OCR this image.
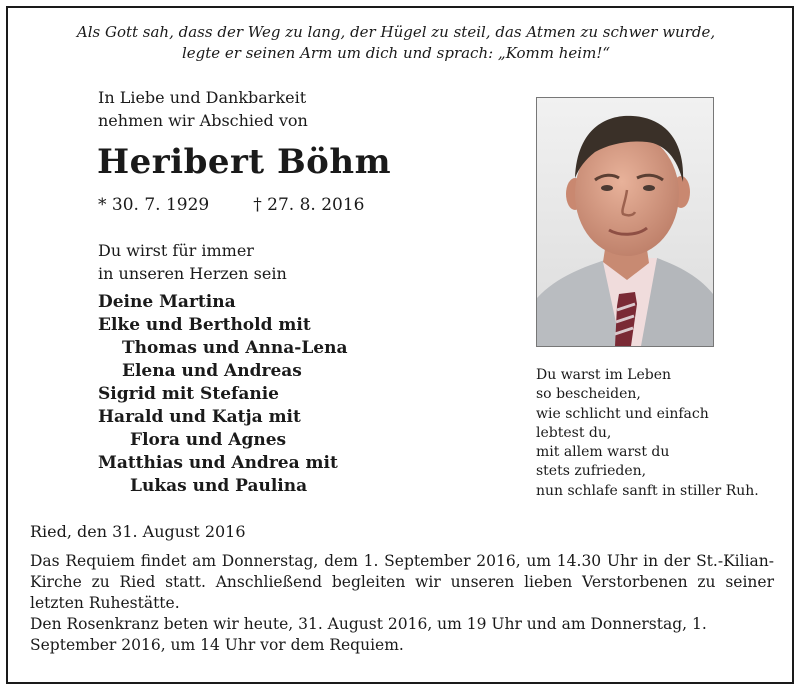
Als Gott sah, dass der Weg zu lang, der Hügel zu steil, das Atmen zu schwer wurde,
legte er seinen Arm um dich und sprach: „Komm heim!“
In Liebe und Dankbarkeit
nehmen wir Abschied von
Heribert Böhm
* 30. 7. 1929	† 27. 8. 2016
Du wirst für immer
in unseren Herzen sein
Deine Martina
Elke und Berthold mit
Thomas und Anna-Lena
Elena und Andreas
Sigrid mit Stefanie
Harald und Katja mit
Flora und Agnes
Matthias und Andrea mit
Lukas und Paulina
Du warst im Leben
so bescheiden,
wie schlicht und einfach
lebtest du,
mit allem warst du
stets zufrieden,
nun schlafe sanft in stiller Ruh.
Ried, den 31. August 2016

Das Requiem findet am Donnerstag, dem 1. September 2016, um 14.30 Uhr in der St.-Kilian-Kirche zu Ried statt. Anschließend begleiten wir unseren lieben Verstorbenen zu seiner letzten Ruhestätte.

Den Rosenkranz beten wir heute, 31. August 2016, um 19 Uhr und am Donnerstag, 1. September 2016, um 14 Uhr vor dem Requiem.
